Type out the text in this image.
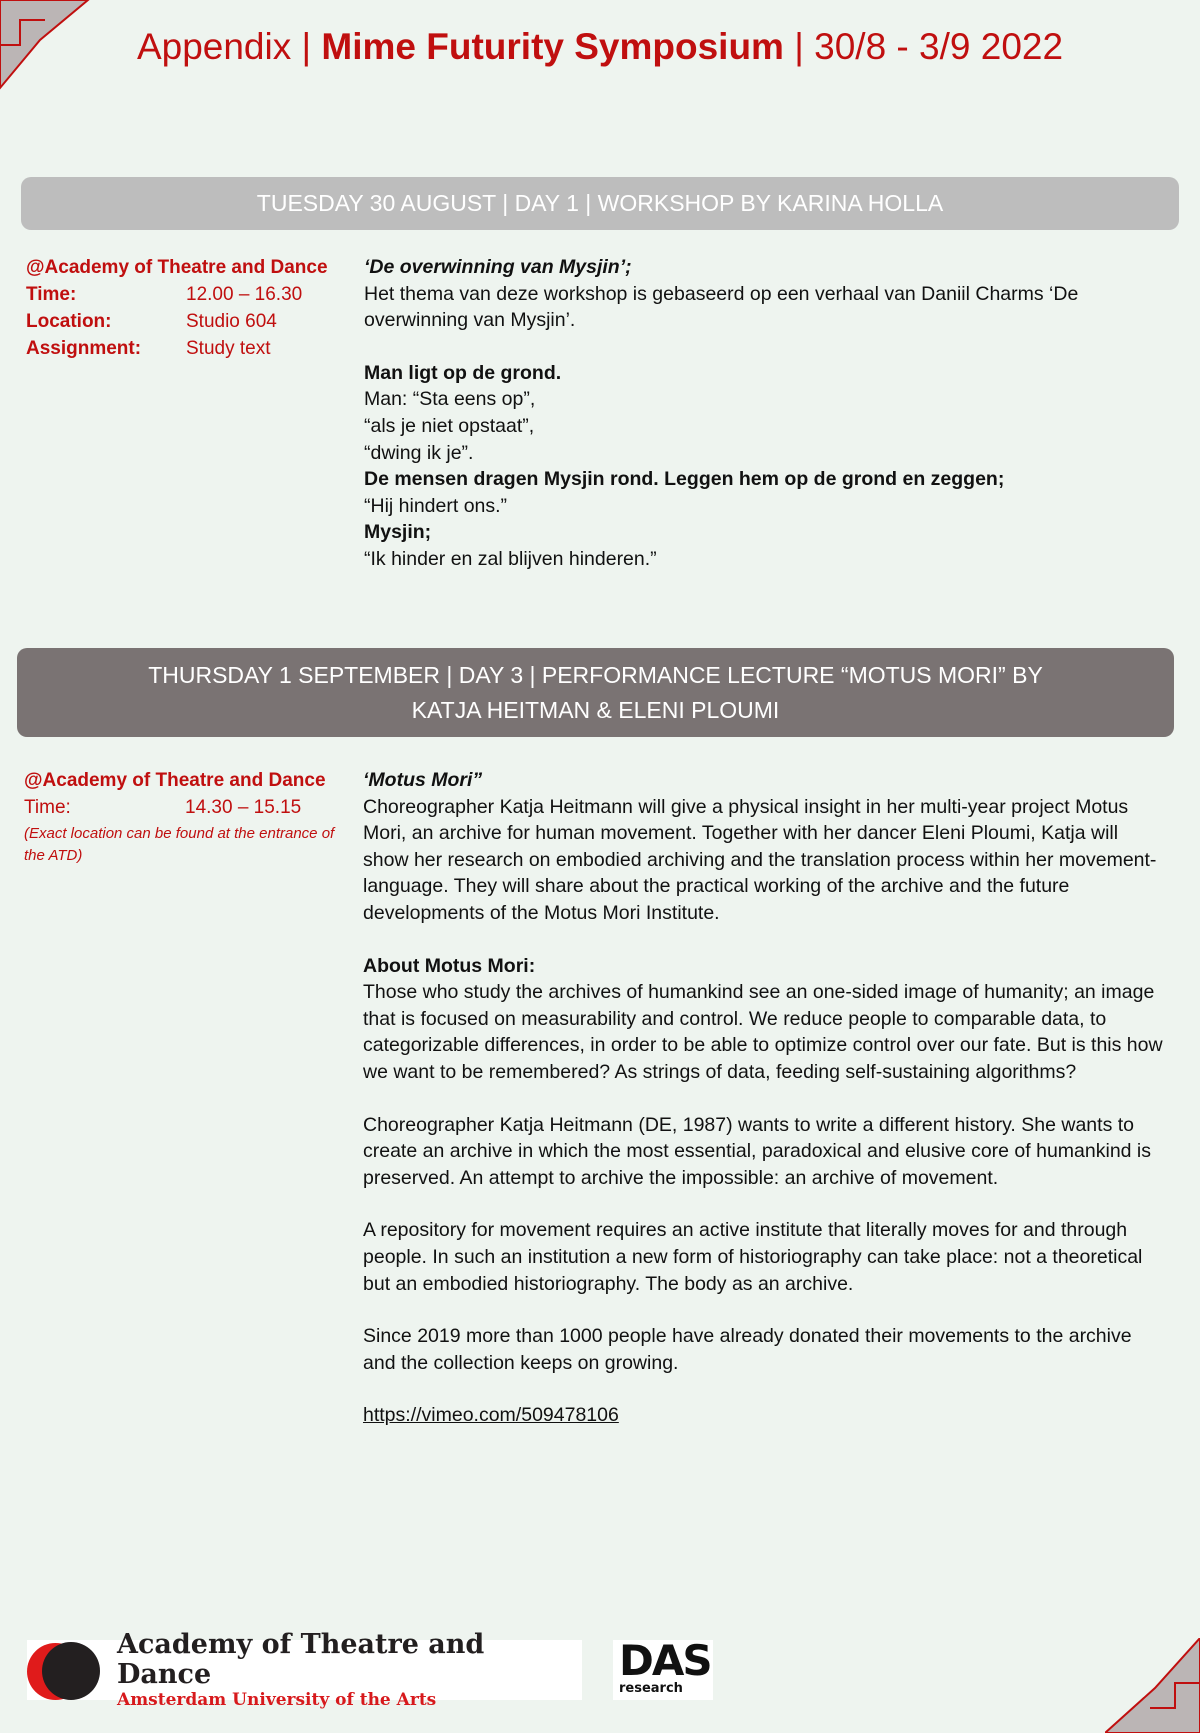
Appendix | Mime Futurity Symposium | 30/8 - 3/9 2022
TUESDAY 30 AUGUST | DAY 1 | WORKSHOP BY KARINA HOLLA
@Academy of Theatre and Dance
Time:	12.00 – 16.30
Location:	Studio 604
Assignment:	Study text

‘De overwinning van Mysjin’;

Het thema van deze workshop is gebaseerd op een verhaal van Daniil Charms ‘De overwinning van Mysjin’.

Man ligt op de grond.

Man: “Sta eens op”,

“als je niet opstaat”,

“dwing ik je”.

De mensen dragen Mysjin rond. Leggen hem op de grond en zeggen;

“Hij hindert ons.”

Mysjin;

“Ik hinder en zal blijven hinderen.”

THURSDAY 1 SEPTEMBER | DAY 3 | PERFORMANCE LECTURE “MOTUS MORI” BY
KATJA HEITMAN & ELENI PLOUMI
@Academy of Theatre and Dance
Time:	14.30 – 15.15
(Exact location can be found at the entrance of the ATD)

‘Motus Mori”

Choreographer Katja Heitmann will give a physical insight in her multi-year project Motus Mori, an archive for human movement. Together with her dancer Eleni Ploumi, Katja will show her research on embodied archiving and the translation process within her movement-language. They will share about the practical working of the archive and the future developments of the Motus Mori Institute.

About Motus Mori:

Those who study the archives of humankind see an one-sided image of humanity; an image that is focused on measurability and control. We reduce people to comparable data, to categorizable differences, in order to be able to optimize control over our fate. But is this how we want to be remembered? As strings of data, feeding self-sustaining algorithms?

Choreographer Katja Heitmann (DE, 1987) wants to write a different history. She wants to create an archive in which the most essential, paradoxical and elusive core of humankind is preserved. An attempt to archive the impossible: an archive of movement.

A repository for movement requires an active institute that literally moves for and through people. In such an institution a new form of historiography can take place: not a theoretical but an embodied historiography. The body as an archive.

Since 2019 more than 1000 people have already donated their movements to the archive and the collection keeps on growing.

https://vimeo.com/509478106

Academy of Theatre and Dance
Amsterdam University of the Arts
DAS
research
